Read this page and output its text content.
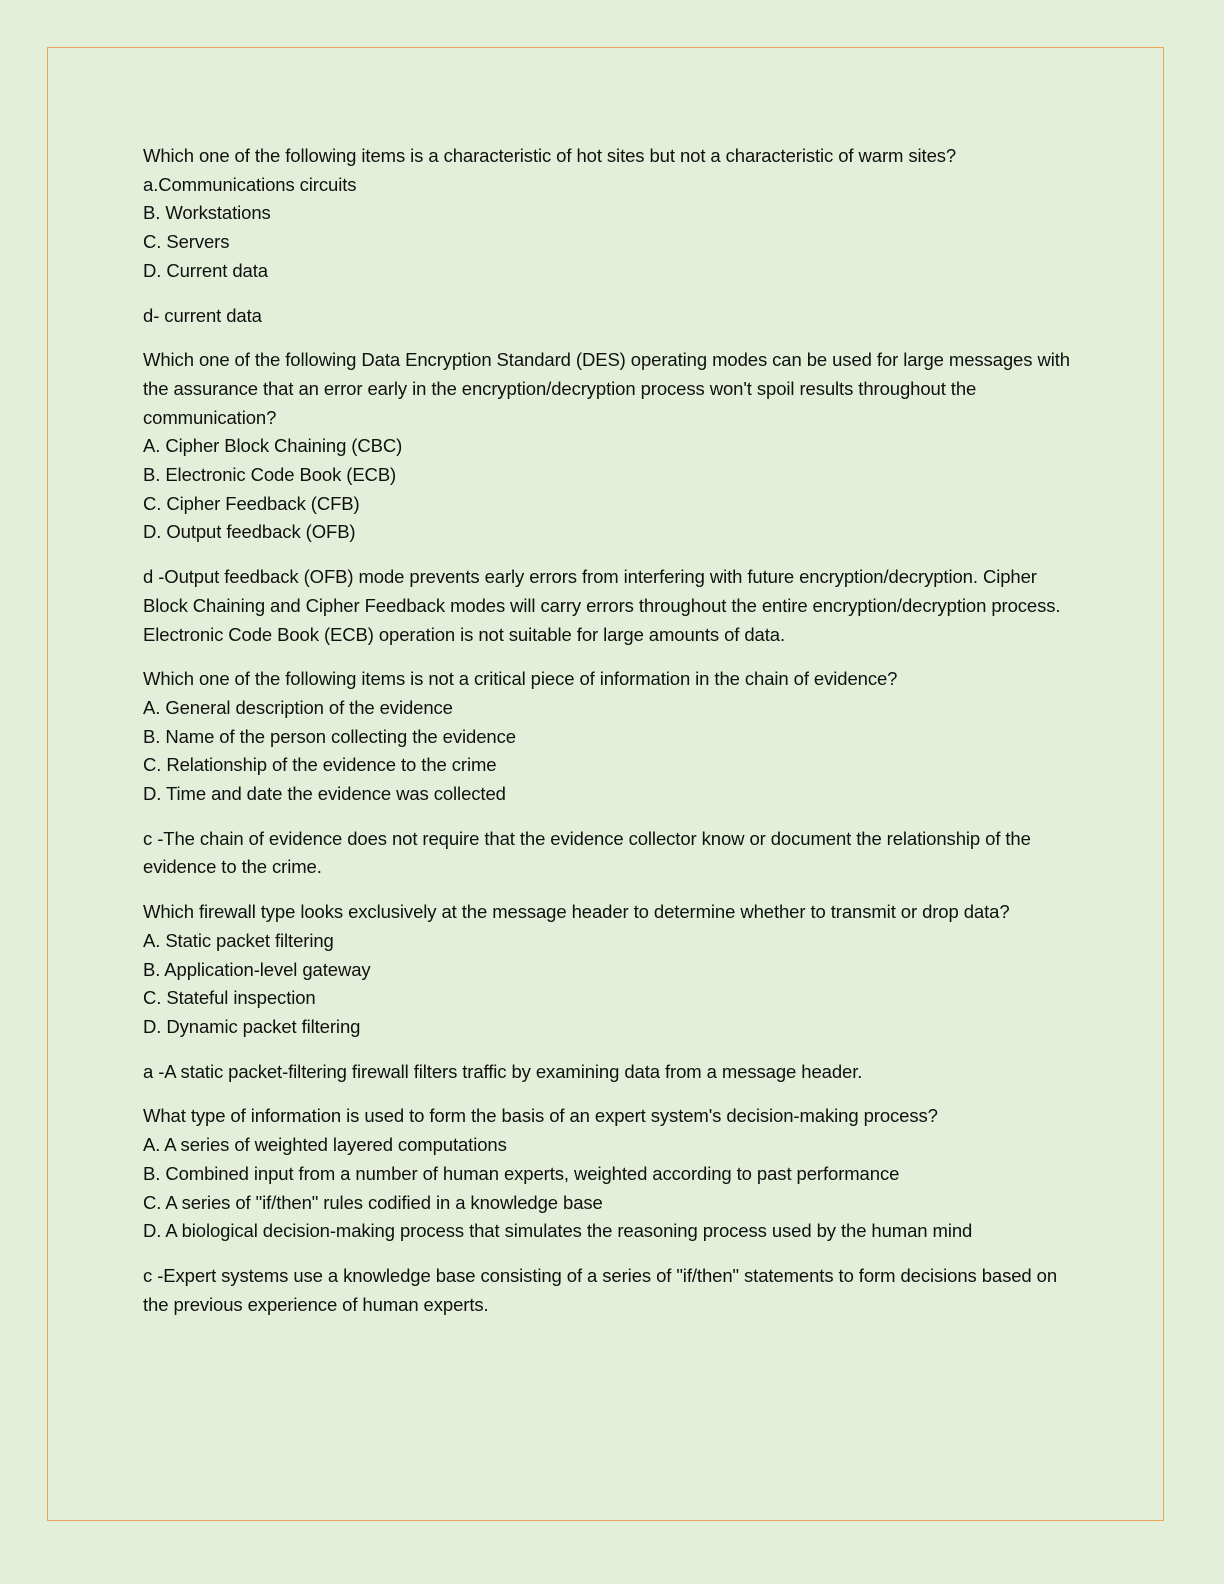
Which one of the following items is a characteristic of hot sites but not a characteristic of warm sites?
a.Communications circuits
B. Workstations
C. Servers
D. Current data
d- current data
Which one of the following Data Encryption Standard (DES) operating modes can be used for large messages with the assurance that an error early in the encryption/decryption process won't spoil results throughout the communication?
A. Cipher Block Chaining (CBC)
B. Electronic Code Book (ECB)
C. Cipher Feedback (CFB)
D. Output feedback (OFB)
d -Output feedback (OFB) mode prevents early errors from interfering with future encryption/decryption. Cipher Block Chaining and Cipher Feedback modes will carry errors throughout the entire encryption/decryption process. Electronic Code Book (ECB) operation is not suitable for large amounts of data.
Which one of the following items is not a critical piece of information in the chain of evidence?
A. General description of the evidence
B. Name of the person collecting the evidence
C. Relationship of the evidence to the crime
D. Time and date the evidence was collected
c -The chain of evidence does not require that the evidence collector know or document the relationship of the evidence to the crime.
Which firewall type looks exclusively at the message header to determine whether to transmit or drop data?
A. Static packet filtering
B. Application-level gateway
C. Stateful inspection
D. Dynamic packet filtering
a -A static packet-filtering firewall filters traffic by examining data from a message header.
What type of information is used to form the basis of an expert system's decision-making process?
A. A series of weighted layered computations
B. Combined input from a number of human experts, weighted according to past performance
C. A series of "if/then" rules codified in a knowledge base
D. A biological decision-making process that simulates the reasoning process used by the human mind
c -Expert systems use a knowledge base consisting of a series of "if/then" statements to form decisions based on the previous experience of human experts.
